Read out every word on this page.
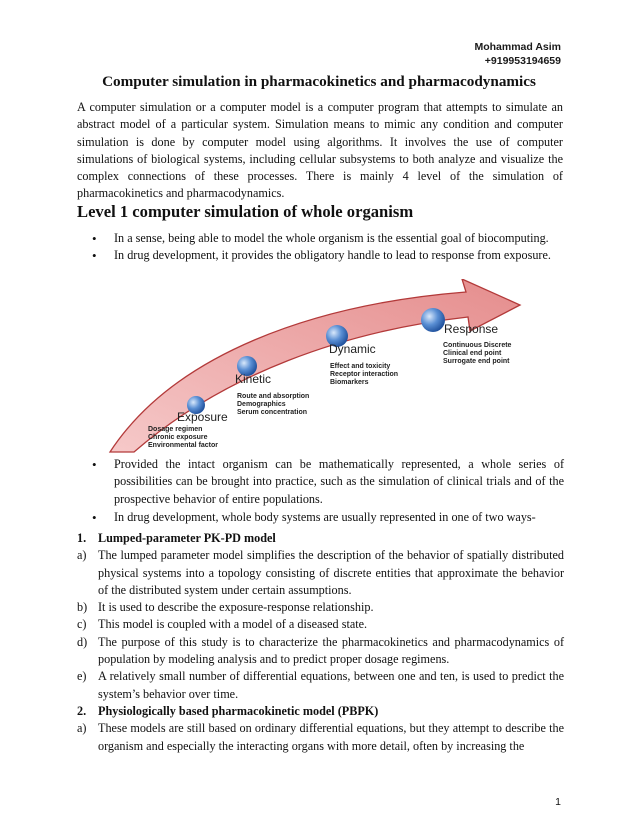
Mohammad Asim
+919953194659
Computer simulation in pharmacokinetics and pharmacodynamics
A computer simulation or a computer model is a computer program that attempts to simulate an abstract model of a particular system. Simulation means to mimic any condition and computer simulation is done by computer model using algorithms. It involves the use of computer simulations of biological systems, including cellular subsystems to both analyze and visualize the complex connections of these processes. There is mainly 4 level of the simulation of pharmacokinetics and pharmacodynamics.
Level 1 computer simulation of whole organism
• In a sense, being able to model the whole organism is the essential goal of biocomputing.
• In drug development, it provides the obligatory handle to lead to response from exposure.
Exposure
Dosage regimen
Chronic exposure
Environmental factor
Kinetic
Route and absorption
Demographics
Serum concentration
Dynamic
Effect and toxicity
Receptor interaction
Biomarkers
Response
Continuous Discrete
Clinical end point
Surrogate end point
• Provided the intact organism can be mathematically represented, a whole series of possibilities can be brought into practice, such as the simulation of clinical trials and of the prospective behavior of entire populations.
• In drug development, whole body systems are usually represented in one of two ways-
1. Lumped-parameter PK-PD model
a) The lumped parameter model simplifies the description of the behavior of spatially distributed physical systems into a topology consisting of discrete entities that approximate the behavior of the distributed system under certain assumptions.
b) It is used to describe the exposure-response relationship.
c) This model is coupled with a model of a diseased state.
d) The purpose of this study is to characterize the pharmacokinetics and pharmacodynamics of population by modeling analysis and to predict proper dosage regimens.
e) A relatively small number of differential equations, between one and ten, is used to predict the system’s behavior over time.
2. Physiologically based pharmacokinetic model (PBPK)
a) These models are still based on ordinary differential equations, but they attempt to describe the organism and especially the interacting organs with more detail, often by increasing the
1
